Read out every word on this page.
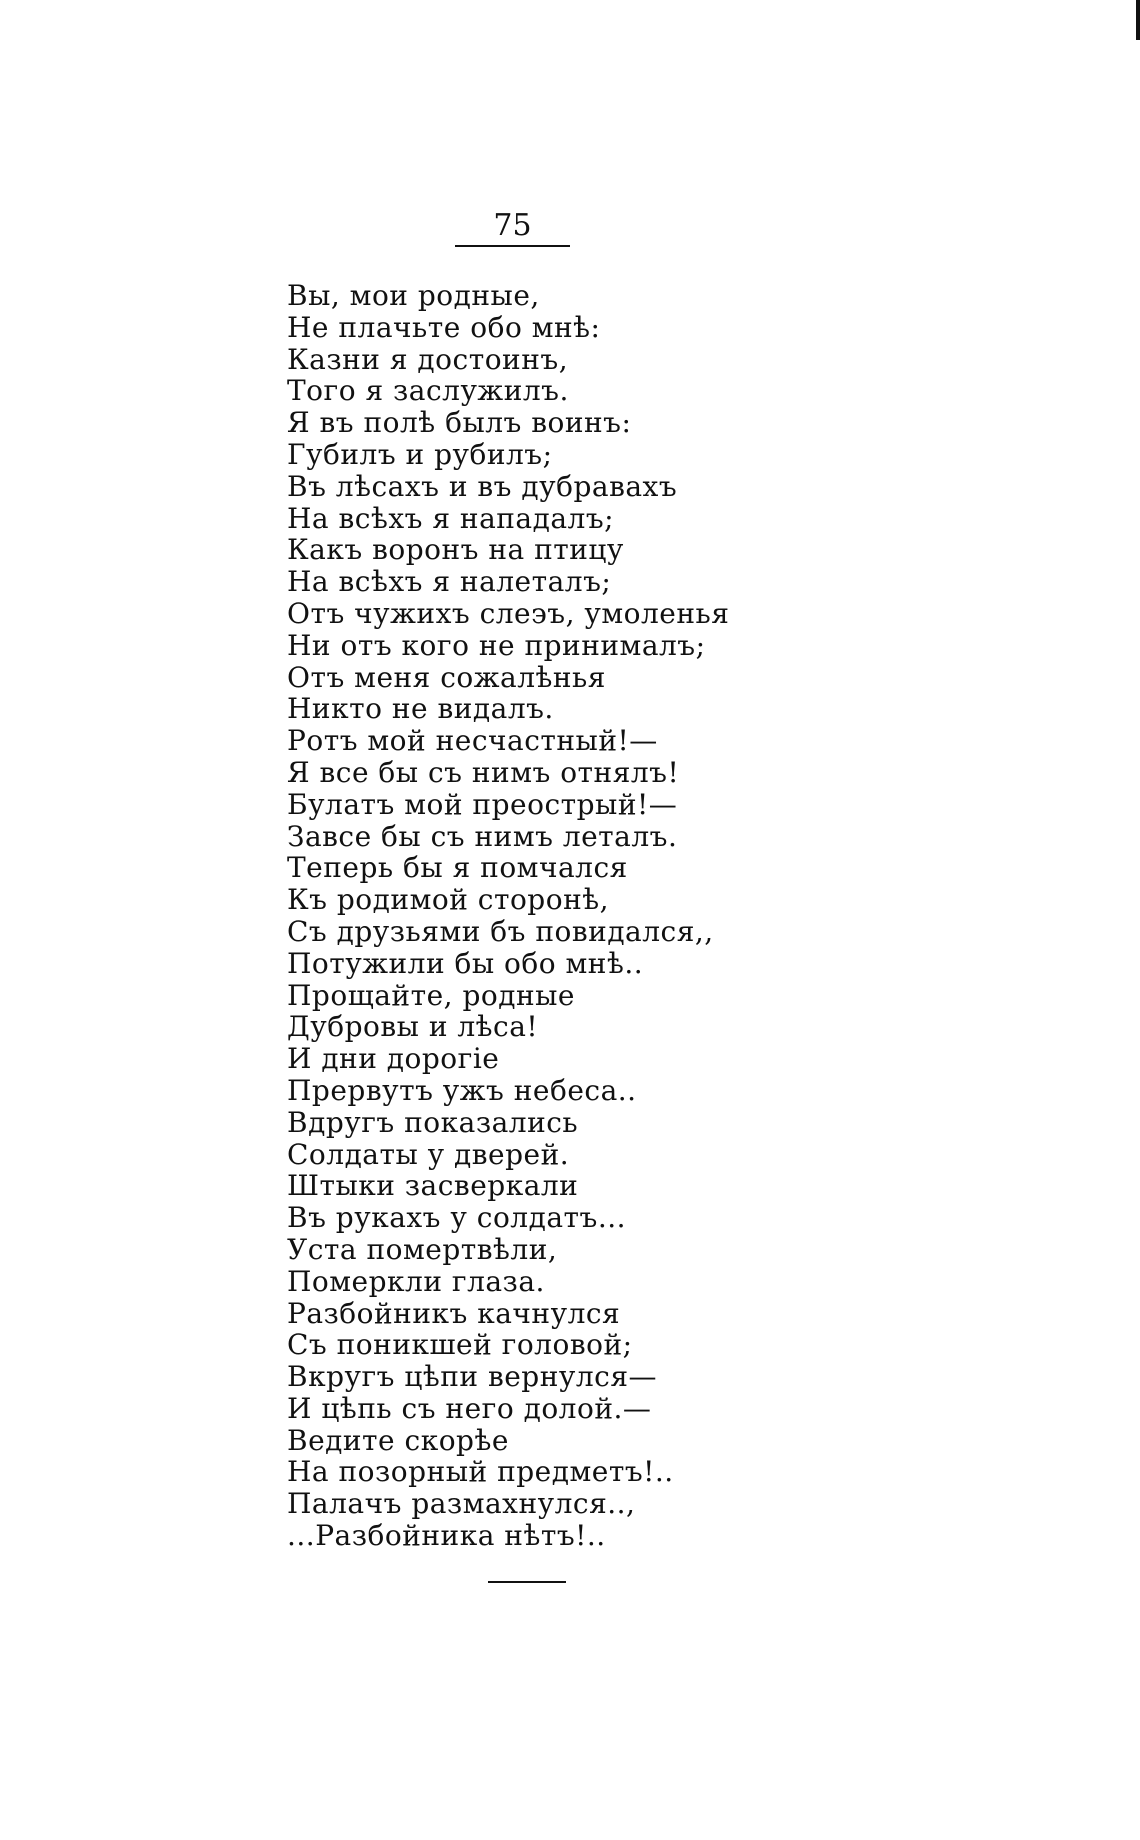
75
Вы, мои родные,
Не плачьте обо мнѣ:
Казни я достоинъ,
Того я заслужилъ.
Я въ полѣ былъ воинъ:
Губилъ и рубилъ;
Въ лѣсахъ и въ дубравахъ
На всѣхъ я нападалъ;
Какъ воронъ на птицу
На всѣхъ я налеталъ;
Отъ чужихъ слеэъ, умоленья
Ни отъ кого не принималъ;
Отъ меня сожалѣнья
Никто не видалъ.
Ротъ мой несчастный!—
Я все бы съ нимъ отнялъ!
Булатъ мой преострый!—
Завсе бы съ нимъ леталъ.
Теперь бы я помчался
Къ родимой сторонѣ,
Съ друзьями бъ повидался,,
Потужили бы обо мнѣ..
Прощайте, родные
Дубровы и лѣса!
И дни дорогіе
Прервутъ ужъ небеса..
Вдругъ показались
Солдаты у дверей.
Штыки засверкали
Въ рукахъ у солдатъ...
Уста помертвѣли,
Померкли глаза.
Разбойникъ качнулся
Съ поникшей головой;
Вкругъ цѣпи вернулся—
И цѣпь съ него долой.—
Ведите скорѣе
На позорный предметъ!..
Палачъ размахнулся..,
...Разбойника нѣтъ!..
